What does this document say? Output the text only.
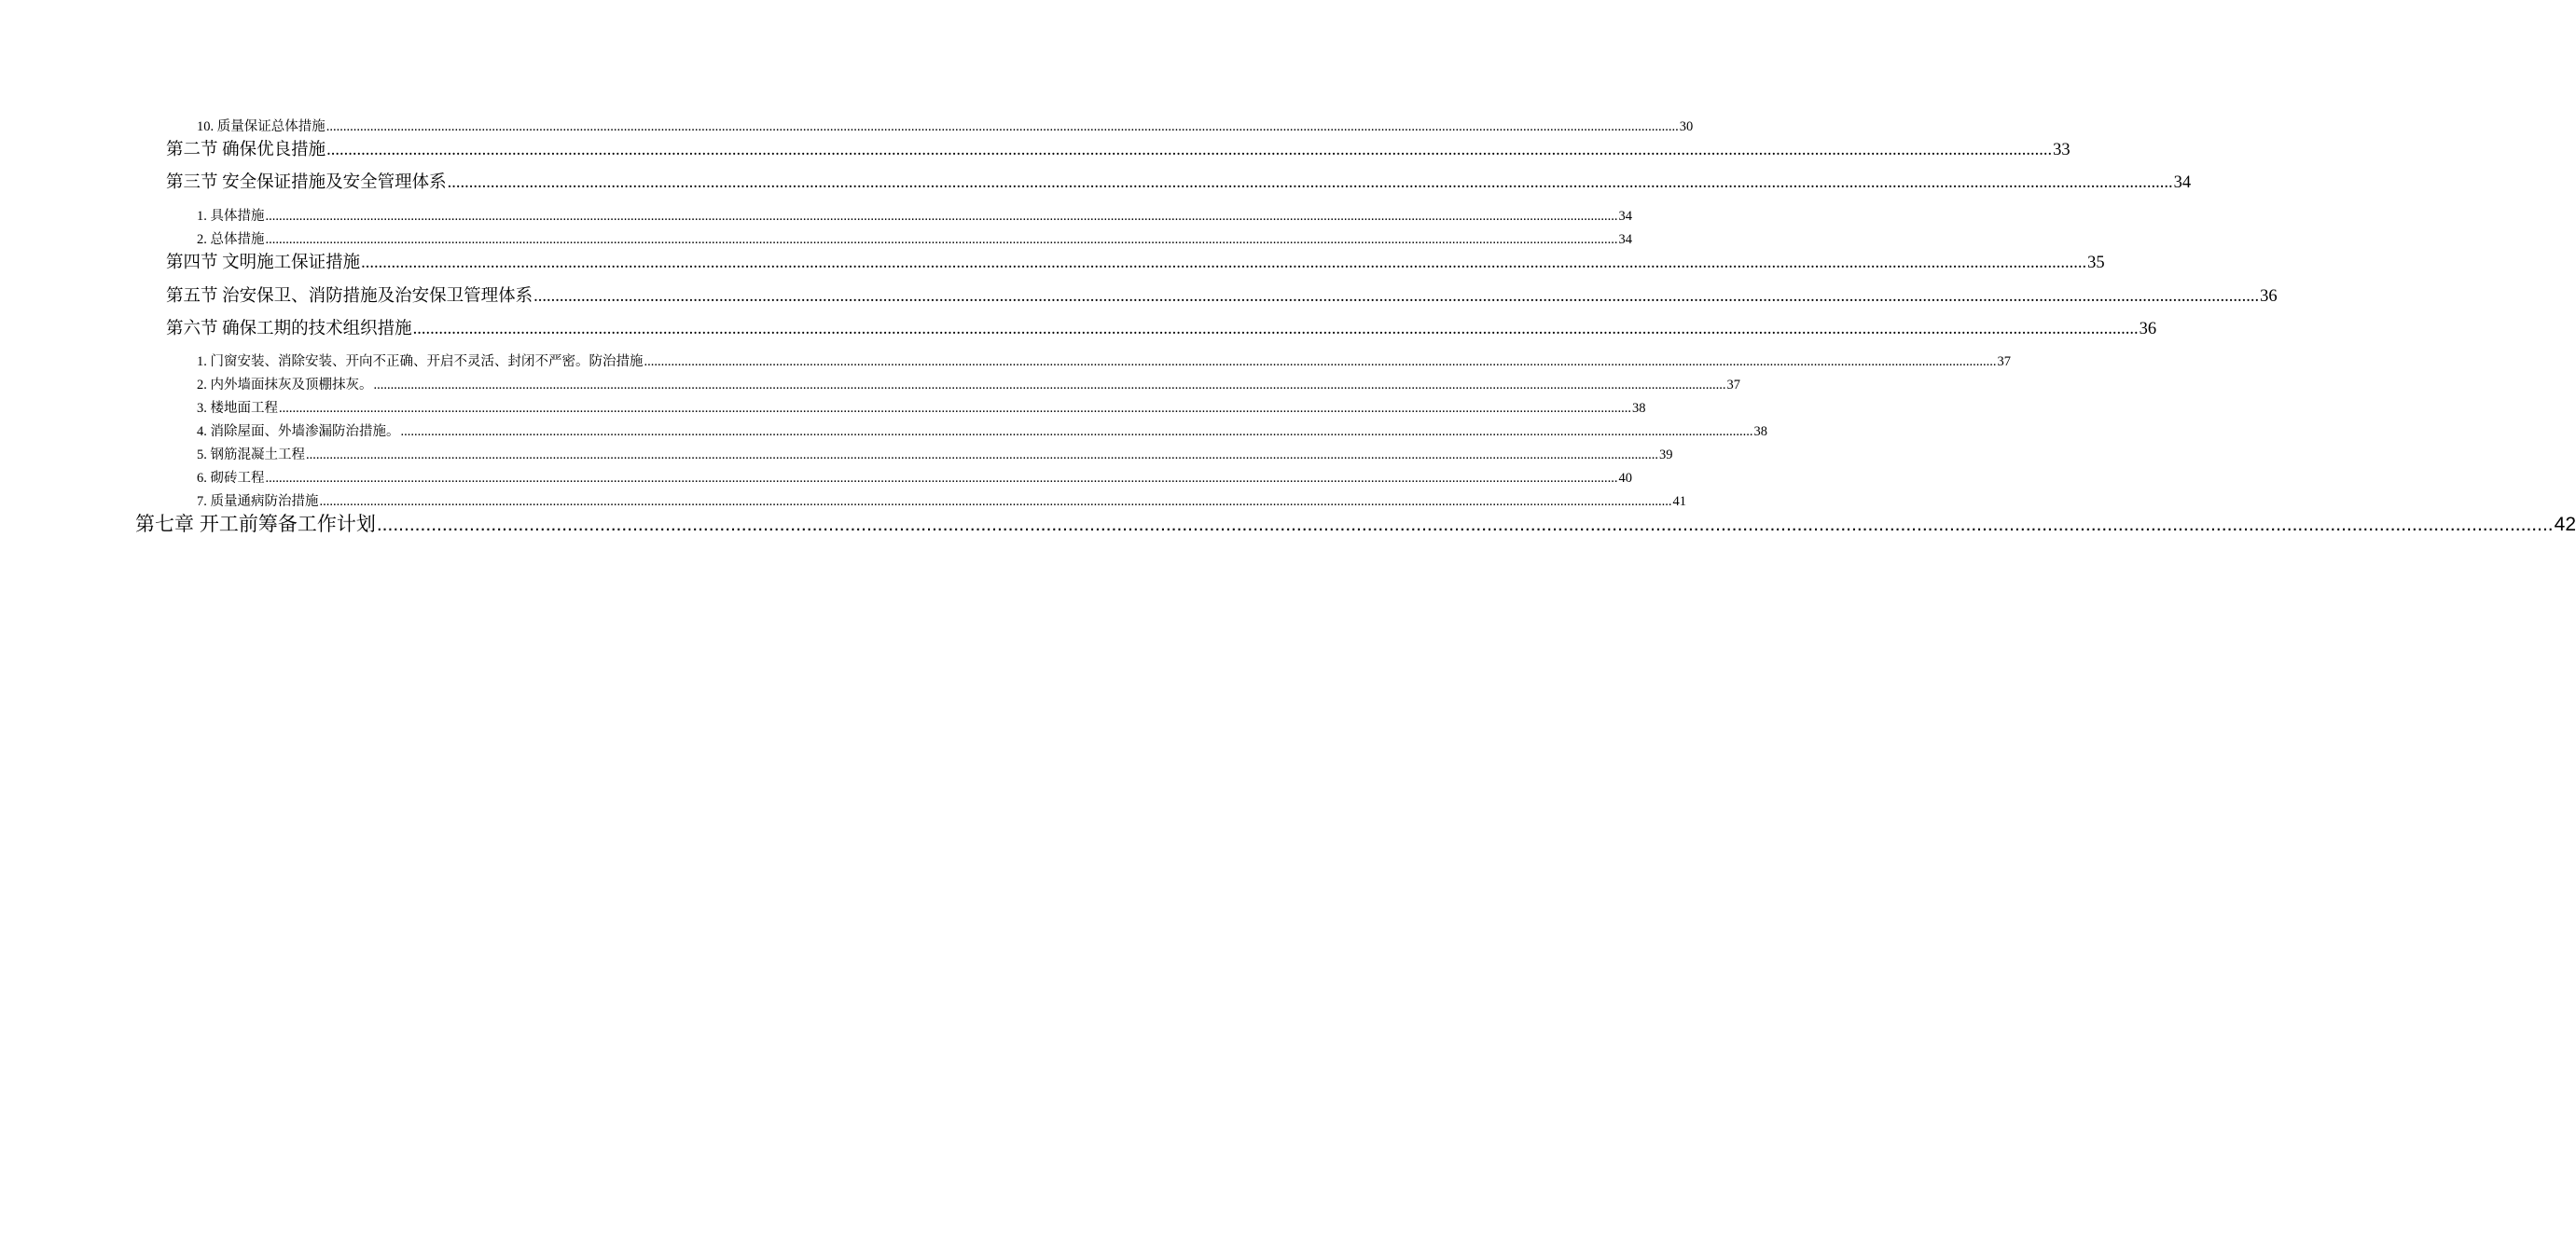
10. 质量保证总体措施 ................................................................................................................................................................................................................................................................................................................................................................................................................ 30
第二节 确保优良措施 ................................................................................................................................................................................................................................................................................................................................................................................................................ 33
第三节 安全保证措施及安全管理体系 ................................................................................................................................................................................................................................................................................................................................................................................................................ 34
1. 具体措施 ................................................................................................................................................................................................................................................................................................................................................................................................................ 34
2. 总体措施 ................................................................................................................................................................................................................................................................................................................................................................................................................ 34
第四节 文明施工保证措施 ................................................................................................................................................................................................................................................................................................................................................................................................................ 35
第五节 治安保卫、消防措施及治安保卫管理体系 ................................................................................................................................................................................................................................................................................................................................................................................................................ 36
第六节 确保工期的技术组织措施 ................................................................................................................................................................................................................................................................................................................................................................................................................ 36
1. 门窗安装、消除安装、开向不正确、开启不灵活、封闭不严密。防治措施 ................................................................................................................................................................................................................................................................................................................................................................................................................ 37
2. 内外墙面抹灰及顶棚抹灰。 ................................................................................................................................................................................................................................................................................................................................................................................................................ 37
3. 楼地面工程 ................................................................................................................................................................................................................................................................................................................................................................................................................ 38
4. 消除屋面、外墙渗漏防治措施。 ................................................................................................................................................................................................................................................................................................................................................................................................................ 38
5. 钢筋混凝土工程 ................................................................................................................................................................................................................................................................................................................................................................................................................ 39
6. 砌砖工程 ................................................................................................................................................................................................................................................................................................................................................................................................................ 40
7. 质量通病防治措施 ................................................................................................................................................................................................................................................................................................................................................................................................................ 41
第七章 开工前筹备工作计划 ................................................................................................................................................................................................................................................................................................................................................................................................................ 42
